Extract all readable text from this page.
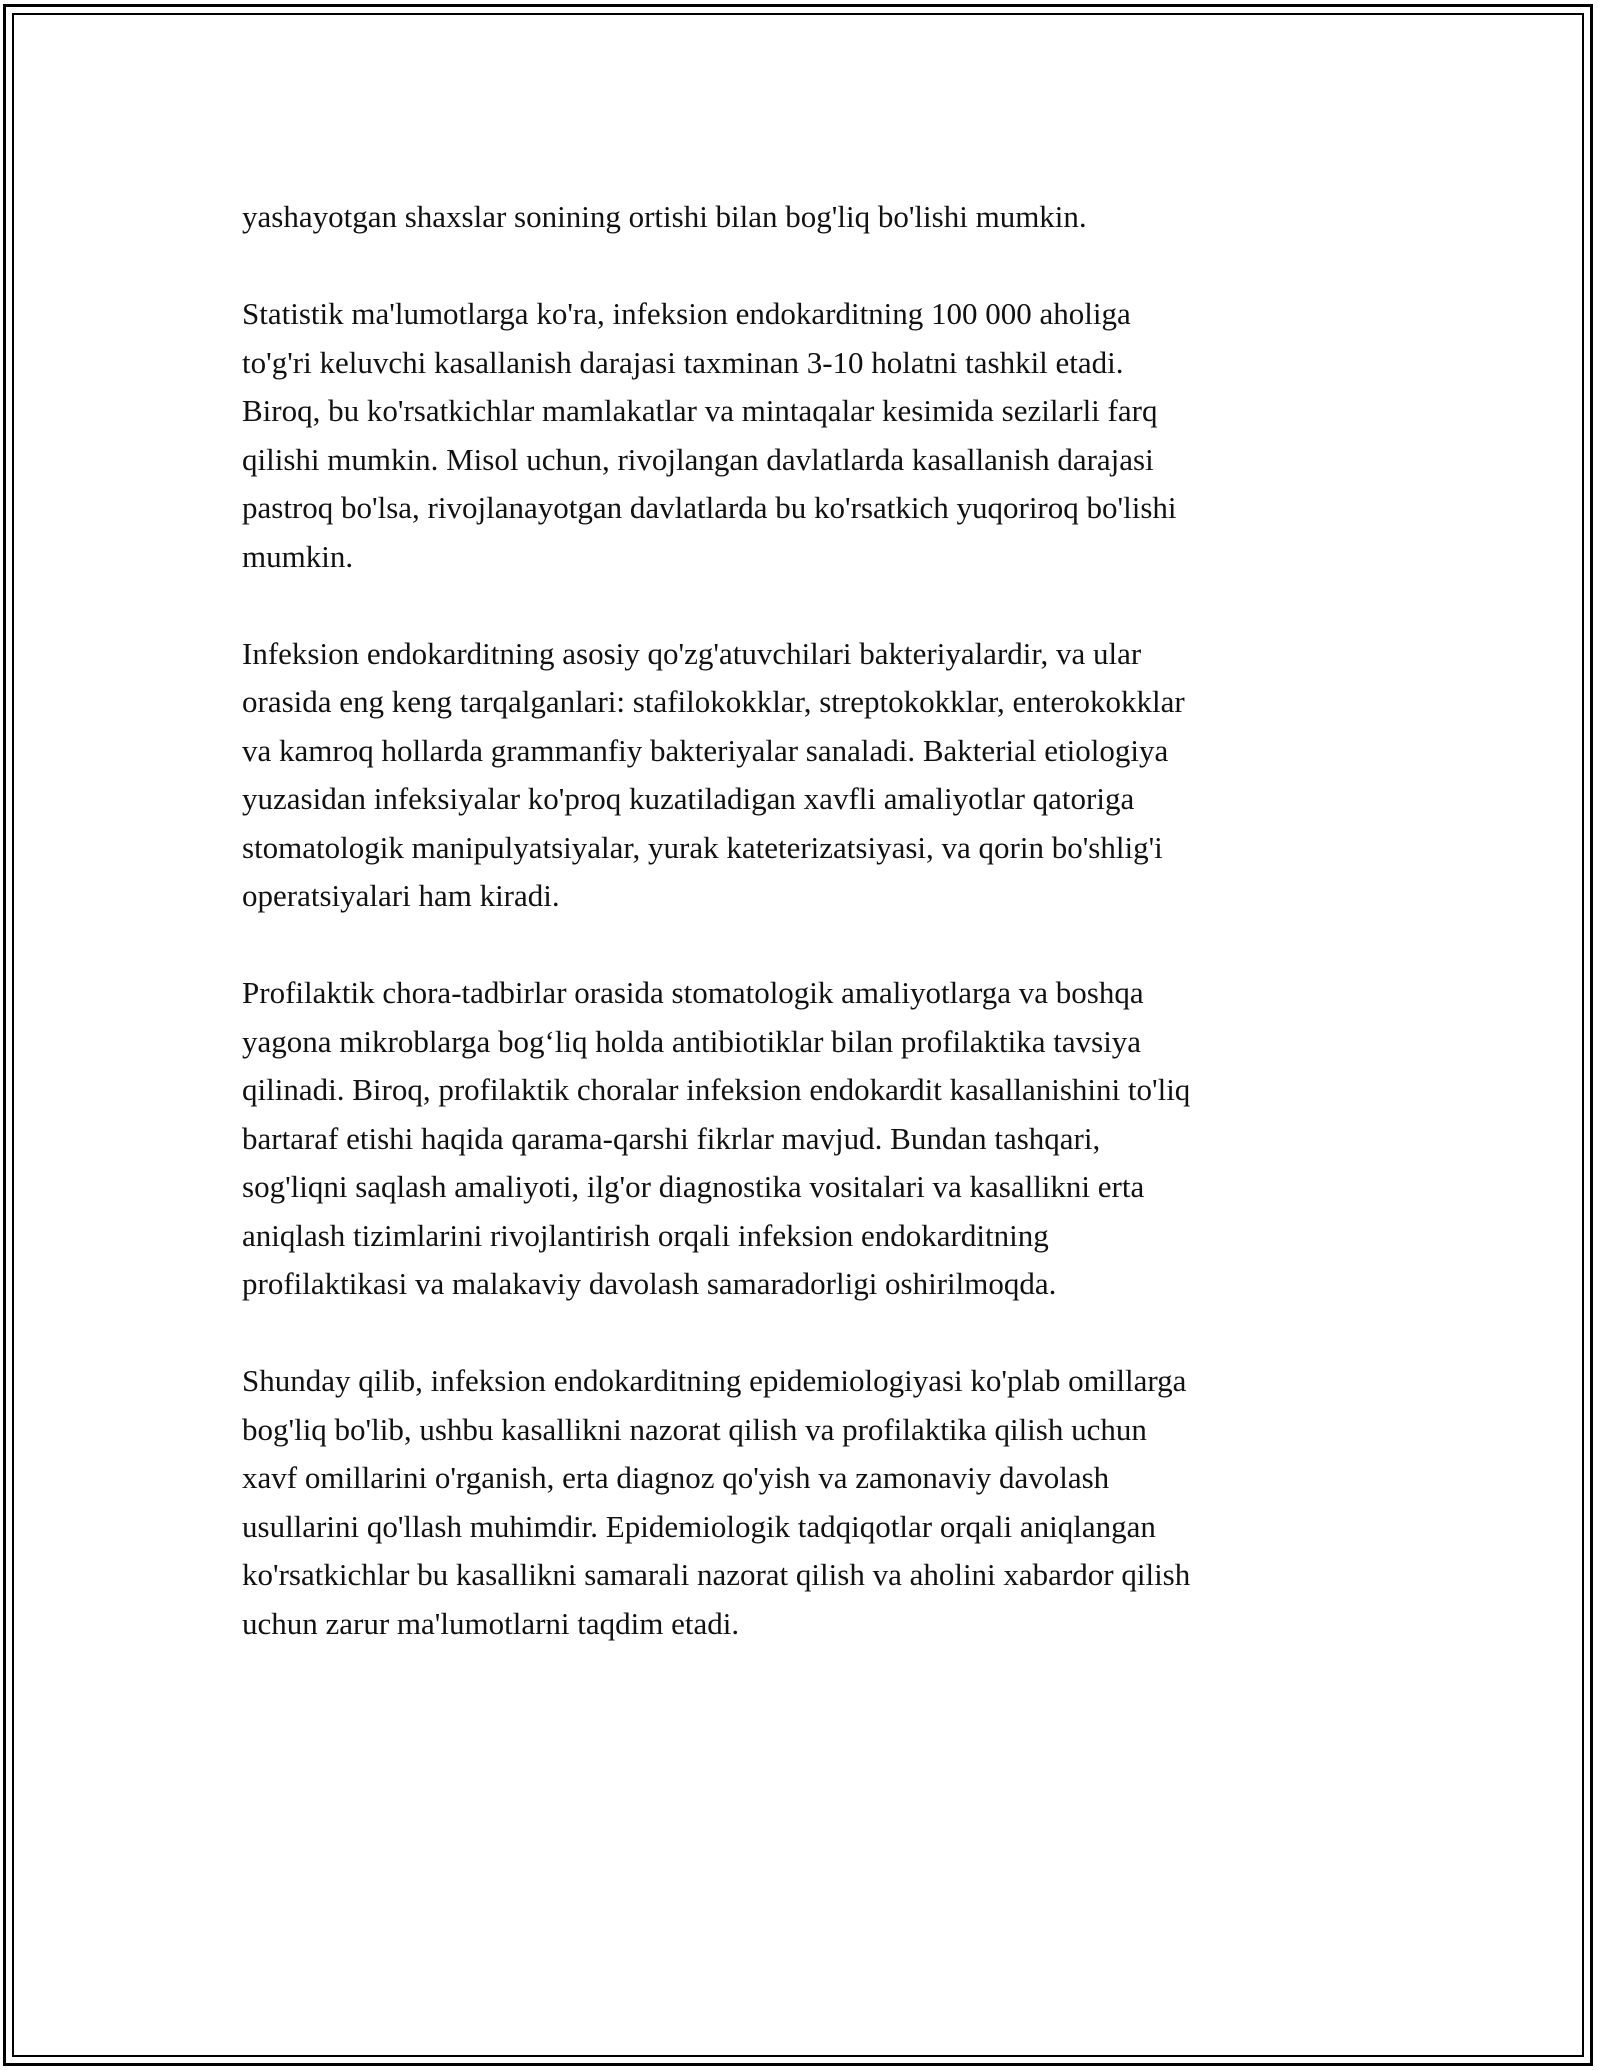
yashayotgan shaxslar sonining ortishi bilan bog'liq bo'lishi mumkin.

Statistik ma'lumotlarga ko'ra, infeksion endokarditning 100 000 aholiga
to'g'ri keluvchi kasallanish darajasi taxminan 3-10 holatni tashkil etadi.
Biroq, bu ko'rsatkichlar mamlakatlar va mintaqalar kesimida sezilarli farq
qilishi mumkin. Misol uchun, rivojlangan davlatlarda kasallanish darajasi
pastroq bo'lsa, rivojlanayotgan davlatlarda bu ko'rsatkich yuqoriroq bo'lishi
mumkin.

Infeksion endokarditning asosiy qo'zg'atuvchilari bakteriyalardir, va ular
orasida eng keng tarqalganlari: stafilokokklar, streptokokklar, enterokokklar
va kamroq hollarda grammanfiy bakteriyalar sanaladi. Bakterial etiologiya
yuzasidan infeksiyalar ko'proq kuzatiladigan xavfli amaliyotlar qatoriga
stomatologik manipulyatsiyalar, yurak kateterizatsiyasi, va qorin bo'shlig'i
operatsiyalari ham kiradi.

Profilaktik chora-tadbirlar orasida stomatologik amaliyotlarga va boshqa
yagona mikroblarga bog‘liq holda antibiotiklar bilan profilaktika tavsiya
qilinadi. Biroq, profilaktik choralar infeksion endokardit kasallanishini to'liq
bartaraf etishi haqida qarama-qarshi fikrlar mavjud. Bundan tashqari,
sog'liqni saqlash amaliyoti, ilg'or diagnostika vositalari va kasallikni erta
aniqlash tizimlarini rivojlantirish orqali infeksion endokarditning
profilaktikasi va malakaviy davolash samaradorligi oshirilmoqda.

Shunday qilib, infeksion endokarditning epidemiologiyasi ko'plab omillarga
bog'liq bo'lib, ushbu kasallikni nazorat qilish va profilaktika qilish uchun
xavf omillarini o'rganish, erta diagnoz qo'yish va zamonaviy davolash
usullarini qo'llash muhimdir. Epidemiologik tadqiqotlar orqali aniqlangan
ko'rsatkichlar bu kasallikni samarali nazorat qilish va aholini xabardor qilish
uchun zarur ma'lumotlarni taqdim etadi.
